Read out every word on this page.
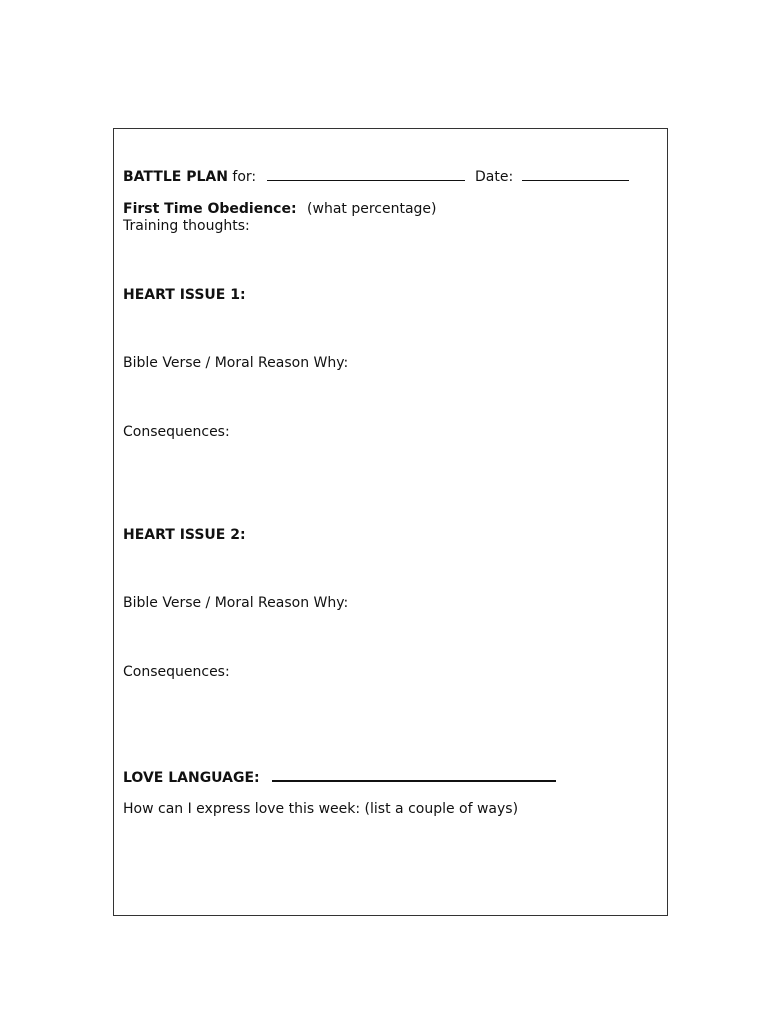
BATTLE PLAN for:	Date:
First Time Obedience: (what percentage)
Training thoughts:
HEART ISSUE 1:
Bible Verse / Moral Reason Why:
Consequences:
HEART ISSUE 2:
Bible Verse / Moral Reason Why:
Consequences:
LOVE LANGUAGE:
How can I express love this week: (list a couple of ways)
